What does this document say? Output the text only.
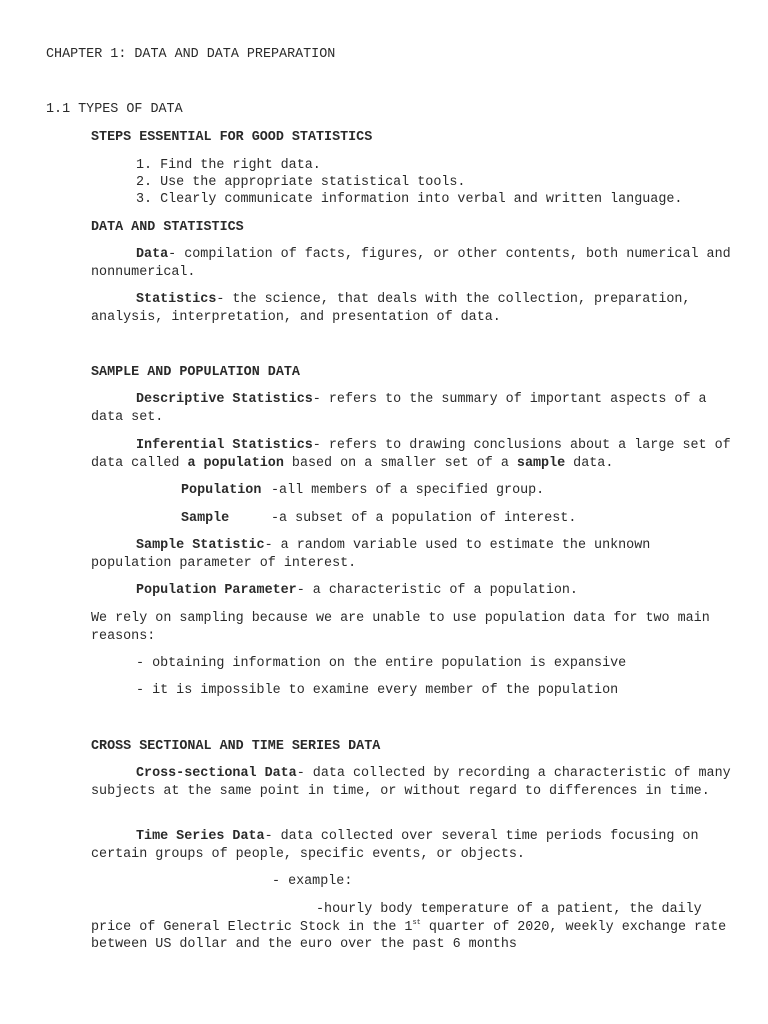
CHAPTER 1: DATA AND DATA PREPARATION
1.1 TYPES OF DATA
STEPS ESSENTIAL FOR GOOD STATISTICS
1. Find the right data.
2. Use the appropriate statistical tools.
3. Clearly communicate information into verbal and written language.
DATA AND STATISTICS
Data- compilation of facts, figures, or other contents, both numerical and nonnumerical.
Statistics- the science, that deals with the collection, preparation, analysis, interpretation, and presentation of data.
SAMPLE AND POPULATION DATA
Descriptive Statistics- refers to the summary of important aspects of a data set.
Inferential Statistics- refers to drawing conclusions about a large set of data called a population based on a smaller set of a sample data.
Population -all members of a specified group.
Sample	-a subset of a population of interest.
Sample Statistic- a random variable used to estimate the unknown population parameter of interest.
Population Parameter- a characteristic of a population.
We rely on sampling because we are unable to use population data for two main reasons:
- obtaining information on the entire population is expansive
- it is impossible to examine every member of the population
CROSS SECTIONAL AND TIME SERIES DATA
Cross-sectional Data- data collected by recording a characteristic of many subjects at the same point in time, or without regard to differences in time.
Time Series Data- data collected over several time periods focusing on certain groups of people, specific events, or objects.
- example:
-hourly body temperature of a patient, the daily price of General Electric Stock in the 1st quarter of 2020, weekly exchange rate between US dollar and the euro over the past 6 months
